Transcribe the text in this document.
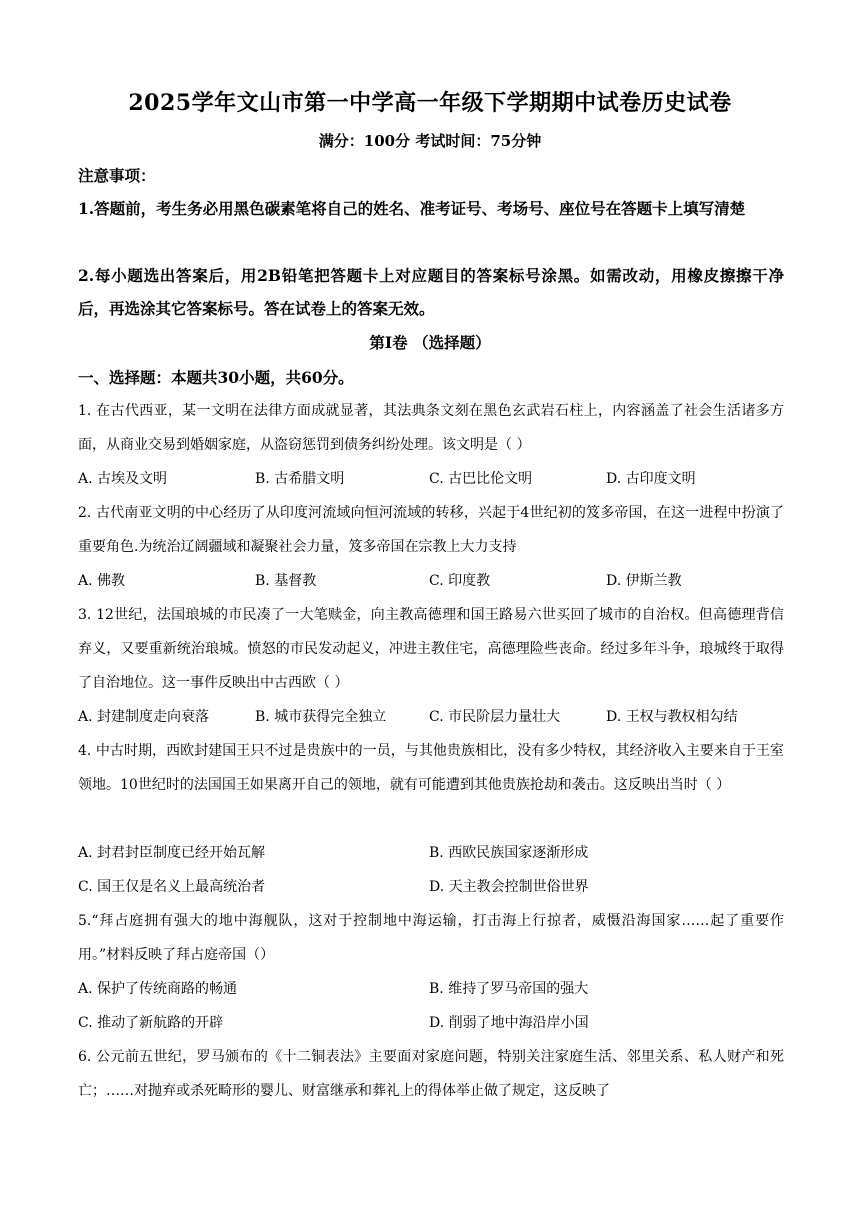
2025学年文山市第一中学高一年级下学期期中试卷历史试卷
满分：100分 考试时间：75分钟
注意事项：
1.答题前，考生务必用黑色碳素笔将自己的姓名、准考证号、考场号、座位号在答题卡上填写清楚
2.每小题选出答案后，用2B铅笔把答题卡上对应题目的答案标号涂黑。如需改动，用橡皮擦擦干净后，再选涂其它答案标号。答在试卷上的答案无效。
第Ⅰ卷 （选择题）
一、选择题：本题共30小题，共60分。
1. 在古代西亚，某一文明在法律方面成就显著，其法典条文刻在黑色玄武岩石柱上，内容涵盖了社会生活诸多方面，从商业交易到婚姻家庭，从盗窃惩罚到债务纠纷处理。该文明是（ ）
A. 古埃及文明	B. 古希腊文明	C. 古巴比伦文明	D. 古印度文明
2. 古代南亚文明的中心经历了从印度河流域向恒河流域的转移，兴起于4世纪初的笈多帝国，在这一进程中扮演了重要角色.为统治辽阔疆域和凝聚社会力量，笈多帝国在宗教上大力支持
A. 佛教	B. 基督教	C. 印度教	D. 伊斯兰教
3. 12世纪，法国琅城的市民凑了一大笔赎金，向主教高德理和国王路易六世买回了城市的自治权。但高德理背信弃义，又要重新统治琅城。愤怒的市民发动起义，冲进主教住宅，高德理险些丧命。经过多年斗争，琅城终于取得了自治地位。这一事件反映出中古西欧（ ）
A. 封建制度走向衰落	B. 城市获得完全独立	C. 市民阶层力量壮大	D. 王权与教权相勾结
4. 中古时期，西欧封建国王只不过是贵族中的一员，与其他贵族相比，没有多少特权，其经济收入主要来自于王室领地。10世纪时的法国国王如果离开自己的领地，就有可能遭到其他贵族抢劫和袭击。这反映出当时（ ）
A. 封君封臣制度已经开始瓦解	B. 西欧民族国家逐渐形成
C. 国王仅是名义上最高统治者	D. 天主教会控制世俗世界
5.“拜占庭拥有强大的地中海舰队，这对于控制地中海运输，打击海上行掠者，威慑沿海国家……起了重要作用。”材料反映了拜占庭帝国（）
A. 保护了传统商路的畅通	B. 维持了罗马帝国的强大
C. 推动了新航路的开辟	D. 削弱了地中海沿岸小国
6. 公元前五世纪，罗马颁布的《十二铜表法》主要面对家庭问题，特别关注家庭生活、邻里关系、私人财产和死亡；……对抛弃或杀死畸形的婴儿、财富继承和葬礼上的得体举止做了规定，这反映了
